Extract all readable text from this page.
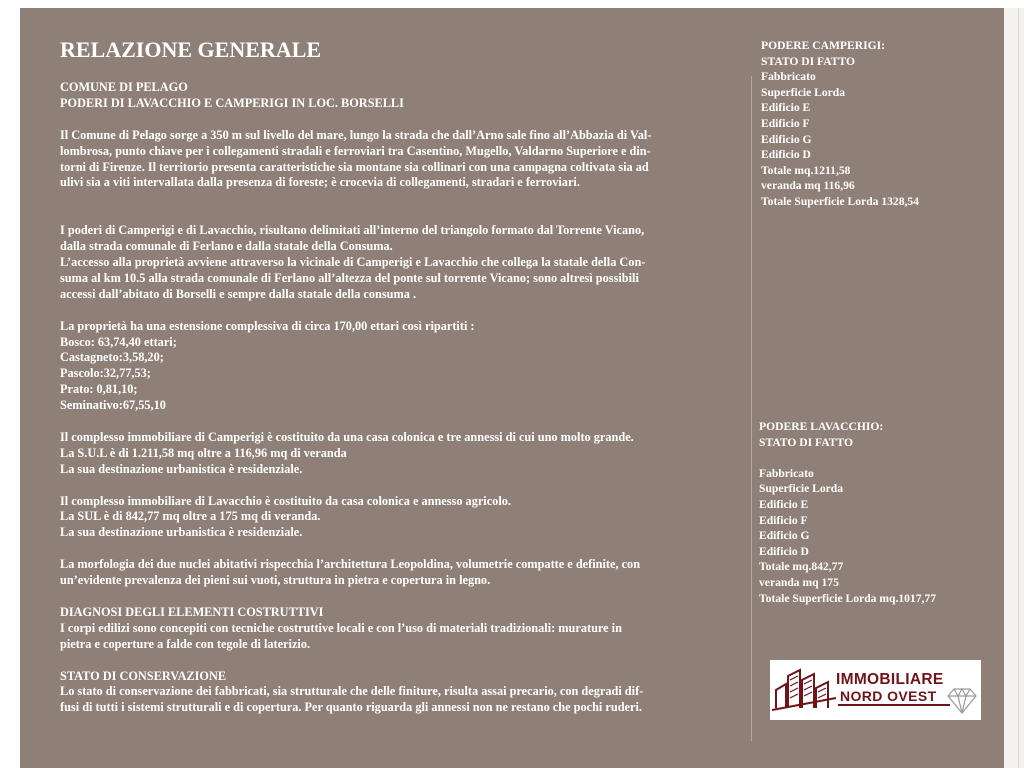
RELAZIONE GENERALE
COMUNE DI PELAGO
PODERI DI LAVACCHIO E CAMPERIGI IN LOC. BORSELLI

Il Comune di Pelago sorge a 350 m sul livello del mare, lungo la strada che dall’Arno sale fino all’Abbazia di Val-
lombrosa, punto chiave per i collegamenti stradali e ferroviari tra Casentino, Mugello, Valdarno Superiore e din-
torni di Firenze. Il territorio presenta caratteristiche sia montane sia collinari con una campagna coltivata sia ad
ulivi sia a viti intervallata dalla presenza di foreste; è crocevia di collegamenti, stradari e ferroviari.

I poderi di Camperigi e di Lavacchio, risultano delimitati all’interno del triangolo formato dal Torrente Vicano,
dalla strada comunale di Ferlano e dalla statale della Consuma.
L’accesso alla proprietà avviene attraverso la vicinale di Camperigi e Lavacchio che collega la statale della Con-
suma al km 10.5 alla strada comunale di Ferlano all’altezza del ponte sul torrente Vicano; sono altresì possibili
accessi dall’abitato di Borselli e sempre dalla statale della consuma .

La proprietà ha una estensione complessiva di circa 170,00 ettari così ripartiti :
Bosco: 63,74,40 ettari;
Castagneto:3,58,20;
Pascolo:32,77,53;
Prato: 0,81,10;
Seminativo:67,55,10

Il complesso immobiliare di Camperigi è costituito da una casa colonica e tre annessi di cui uno molto grande.
La S.U.L è di 1.211,58 mq oltre a 116,96 mq di veranda
La sua destinazione urbanistica è residenziale.

Il complesso immobiliare di Lavacchio è costituito da casa colonica e annesso agricolo.
La SUL è di 842,77 mq oltre a 175 mq di veranda.
La sua destinazione urbanistica è residenziale.

La morfologia dei due nuclei abitativi rispecchia l’architettura Leopoldina, volumetrie compatte e definite, con
un’evidente prevalenza dei pieni sui vuoti, struttura in pietra e copertura in legno.

DIAGNOSI DEGLI ELEMENTI COSTRUTTIVI
I corpi edilizi sono concepiti con tecniche costruttive locali e con l’uso di materiali tradizionali: murature in
pietra e coperture a falde con tegole di laterizio.

STATO DI CONSERVAZIONE
Lo stato di conservazione dei fabbricati, sia strutturale che delle finiture, risulta assai precario, con degradi dif-
fusi di tutti i sistemi strutturali e di copertura. Per quanto riguarda gli annessi non ne restano che pochi ruderi.
PODERE CAMPERIGI:
STATO DI FATTO
Fabbricato
Superficie Lorda
Edificio E
Edificio F
Edificio G
Edificio D
Totale mq.1211,58
veranda mq 116,96
Totale Superficie Lorda 1328,54
PODERE LAVACCHIO:
STATO DI FATTO

Fabbricato
Superficie Lorda
Edificio E
Edificio F
Edificio G
Edificio D
Totale mq.842,77
veranda mq 175
Totale Superficie Lorda mq.1017,77
IMMOBILIARE
NORD OVEST
